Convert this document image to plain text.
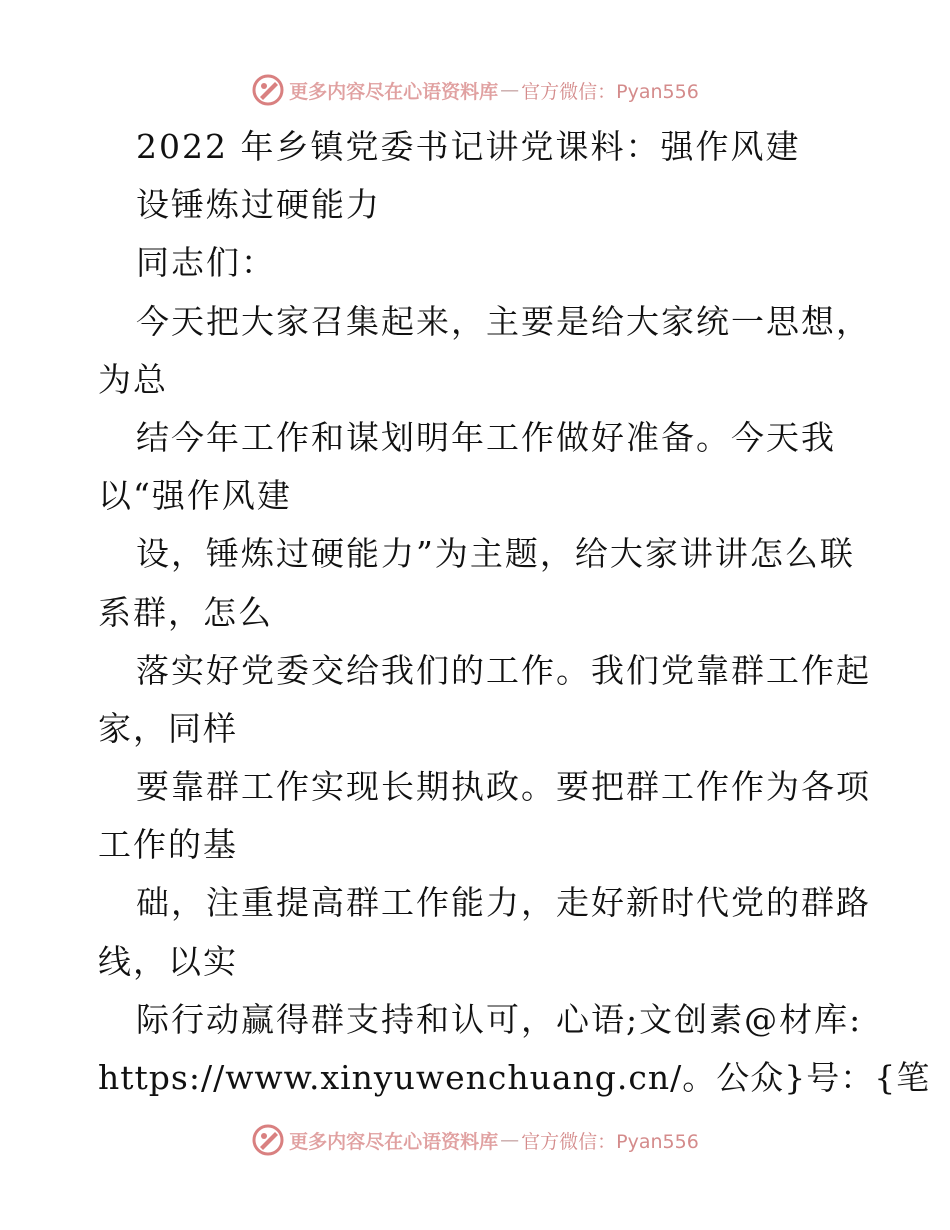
更多内容尽在心语资料库 — 官方微信：Pyan556
2022 年乡镇党委书记讲党课料：强作风建
设锤炼过硬能力
同志们：
今天把大家召集起来，主要是给大家统一思想，
为总
结今年工作和谋划明年工作做好准备。今天我
以“强作风建
设，锤炼过硬能力”为主题，给大家讲讲怎么联
系群，怎么
落实好党委交给我们的工作。我们党靠群工作起
家，同样
要靠群工作实现长期执政。要把群工作作为各项
工作的基
础，注重提高群工作能力，走好新时代党的群路
线，以实
际行动赢得群支持和认可，心语;文创素@材库:
https://www.xinyuwenchuang.cn/。公众}号：{笔
更多内容尽在心语资料库 — 官方微信：Pyan556
